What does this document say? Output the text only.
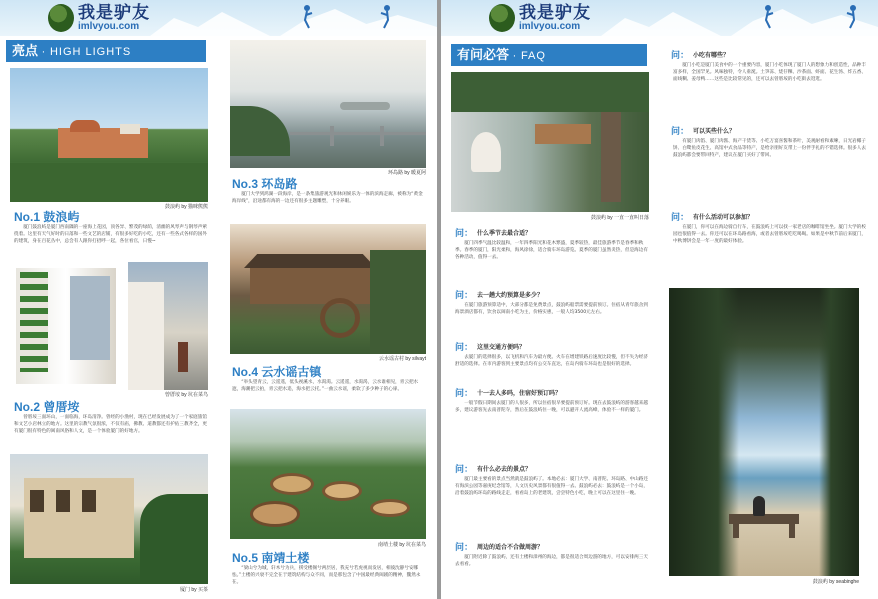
我是驴友
imlvyou.com
亮点 · HIGH LIGHTS
鼓浪屿 by 猫咪熊熊
No.1 鼓浪屿
厦门鼓浪屿是厦门西南隅的一座海上花园，顶各异、繁茂的绿荫，清幽的风琴声与钢琴声萦绕着。这里有天气好时的日落和一些文艺的店铺，有很多好吃的小吃，还有一些各式各样的国外的建筑，身在百花丛中，总会有人跟你打招呼一起，各位看官，日慢~
曾厝垵 by 坑在菜鸟
No.2 曾厝垵
曾厝垵三面环山，一面临海，环岛清净。曾经的小渔村，现在已经发展成为了一个家庭旅馆和文艺小店林立的地方。这里的宗教气氛很浓，不仅有庙，佛教、道教都还有护佑三教齐全，更有厦门很有特色的闽南风俗和人文，是一个体验厦门的好地方。
厦门 by 买茶
环岛路 by 暖夏阿
No.3 环岛路
厦门大学到鸿湖一段海岸，是一条集旅游观光和休闲娱乐为一体的滨海走廊，被称为“黄金海岸线”，沿途都有海的一边还有很多主题雕塑，十分养眼。
云水谣古村 by silvayt
No.4 云水谣古镇
“举头望青云，云遥遥，低头视溪水，水渴渴。云遥遥，水渴渴，云水谁相见，青云把水遮，海潮把云拍，青云把水追，海水把云托。”一曲云水谣，柔软了多少种子的心扉。
南靖土楼 by 坑在菜鸟
No.5 南靖土楼
“梁山兮为城，轩木兮为兵，援受楼阁兮两层居，我充兮若虎视而发居，相彼沈静兮安哪怯。”土楼的兴衰不完全在于建筑结构与众不同，而是那包含了中国最经典闽剧的精神，魏然永在。
我是驴友
imlvyou.com
有问必答 · FAQ
鼓浪屿 by 一直一直叫日落
问： 什么季节去最合适？
厦门四季气温比较温和，一年四季阳光和花木繁盛，夏季较热，最佳旅游季节是春季和秋季。春季的厦门，阳光柔和，海风徐徐，适合骑车环岛游览。夏季的厦门虽然炎热，但是海边有各种活动，值得一去。
问： 去一趟大约预算是多少？
在厦门旅游预算适中，大部分都是免费景点，鼓浪屿船票需要提前预订。住宿从青年旅舍到海景酒店都有，饮食以闽南小吃为主，价格实惠，一般人均3500元左右。
问： 这里交通方便吗？
去厦门的选择很多，以飞机和汽车为最方便。火车在增建铁路后速度比较慢，但不失为经济舒适的选择。在市内游客到主要景点均有公交车直达，在岛内骑车环岛也是很好的选择。
问： 十一去人多吗，住宿好预订吗？
一般节假日期间去厦门的人很多，所以住宿很早要提前预订好。现在去鼓浪屿的游客越来越多，建议游客先去南普陀寺，然后在鼓浪屿住一晚，可以避开人流高峰，体验不一样的厦门。
问： 有什么必去的景点？
厦门最主要看的景点当然就是鼓浪屿了。本地必去：厦门大学、南普陀、环岛路、中山路还有海滨公园等嘉庚纪念馆等，人文历史风景都有很值得一去。鼓浪屿必去：鼓浪屿是一个小岛，沿着鼓浪屿环岛的路线走走，看看岛上的老建筑，尝尝特色小吃，晚上可以在这里住一晚。
问： 周边的适合不合做周游？
厦门附近除了鼓浪屿，还有土楼和漳州的海边，都是很适合周边游的地方，可以安排两三天去看看。
问： 小吃有哪些？
厦门小吃是厦门美食中的一个重要内容，厦门小吃体现了厦门人的想象力和创造性，品种丰富多样，全国罕见。风味独特，令人垂涎。土笋冻、烧仔粿、沙茶面、虾面、花生汤、炸五香、面线糊、姜母鸭……这些是比较常见的，还可以去曾厝垵的小吃街去逛逛。
问： 可以买些什么？
有厦门肉馅、厦门肉酱、海产干货等、小吃万宴喜酱和茶叶，美观耐看和素嗦，日光岩椰子饼、白鹭鱼皮花生、高馆中式食品等特产，是给亲朋好友带上一份伴手礼的不错选择。很多人去鼓浪屿都会要带回特产，建议在厦门买好了带回。
问： 有什么活动可以参加？
在厦门，你可以在海边骑自行车，在鼓浪屿上可以找一家老店的咖啡馆坐坐。厦门大学的校园也很值得一去。你还可以在环岛路看海，或者去曾厝垵吃吃喝喝。如果是中秋节前后来厦门，中秋博饼会是一年一度的最好体验。
鼓浪屿 by seabinghe
